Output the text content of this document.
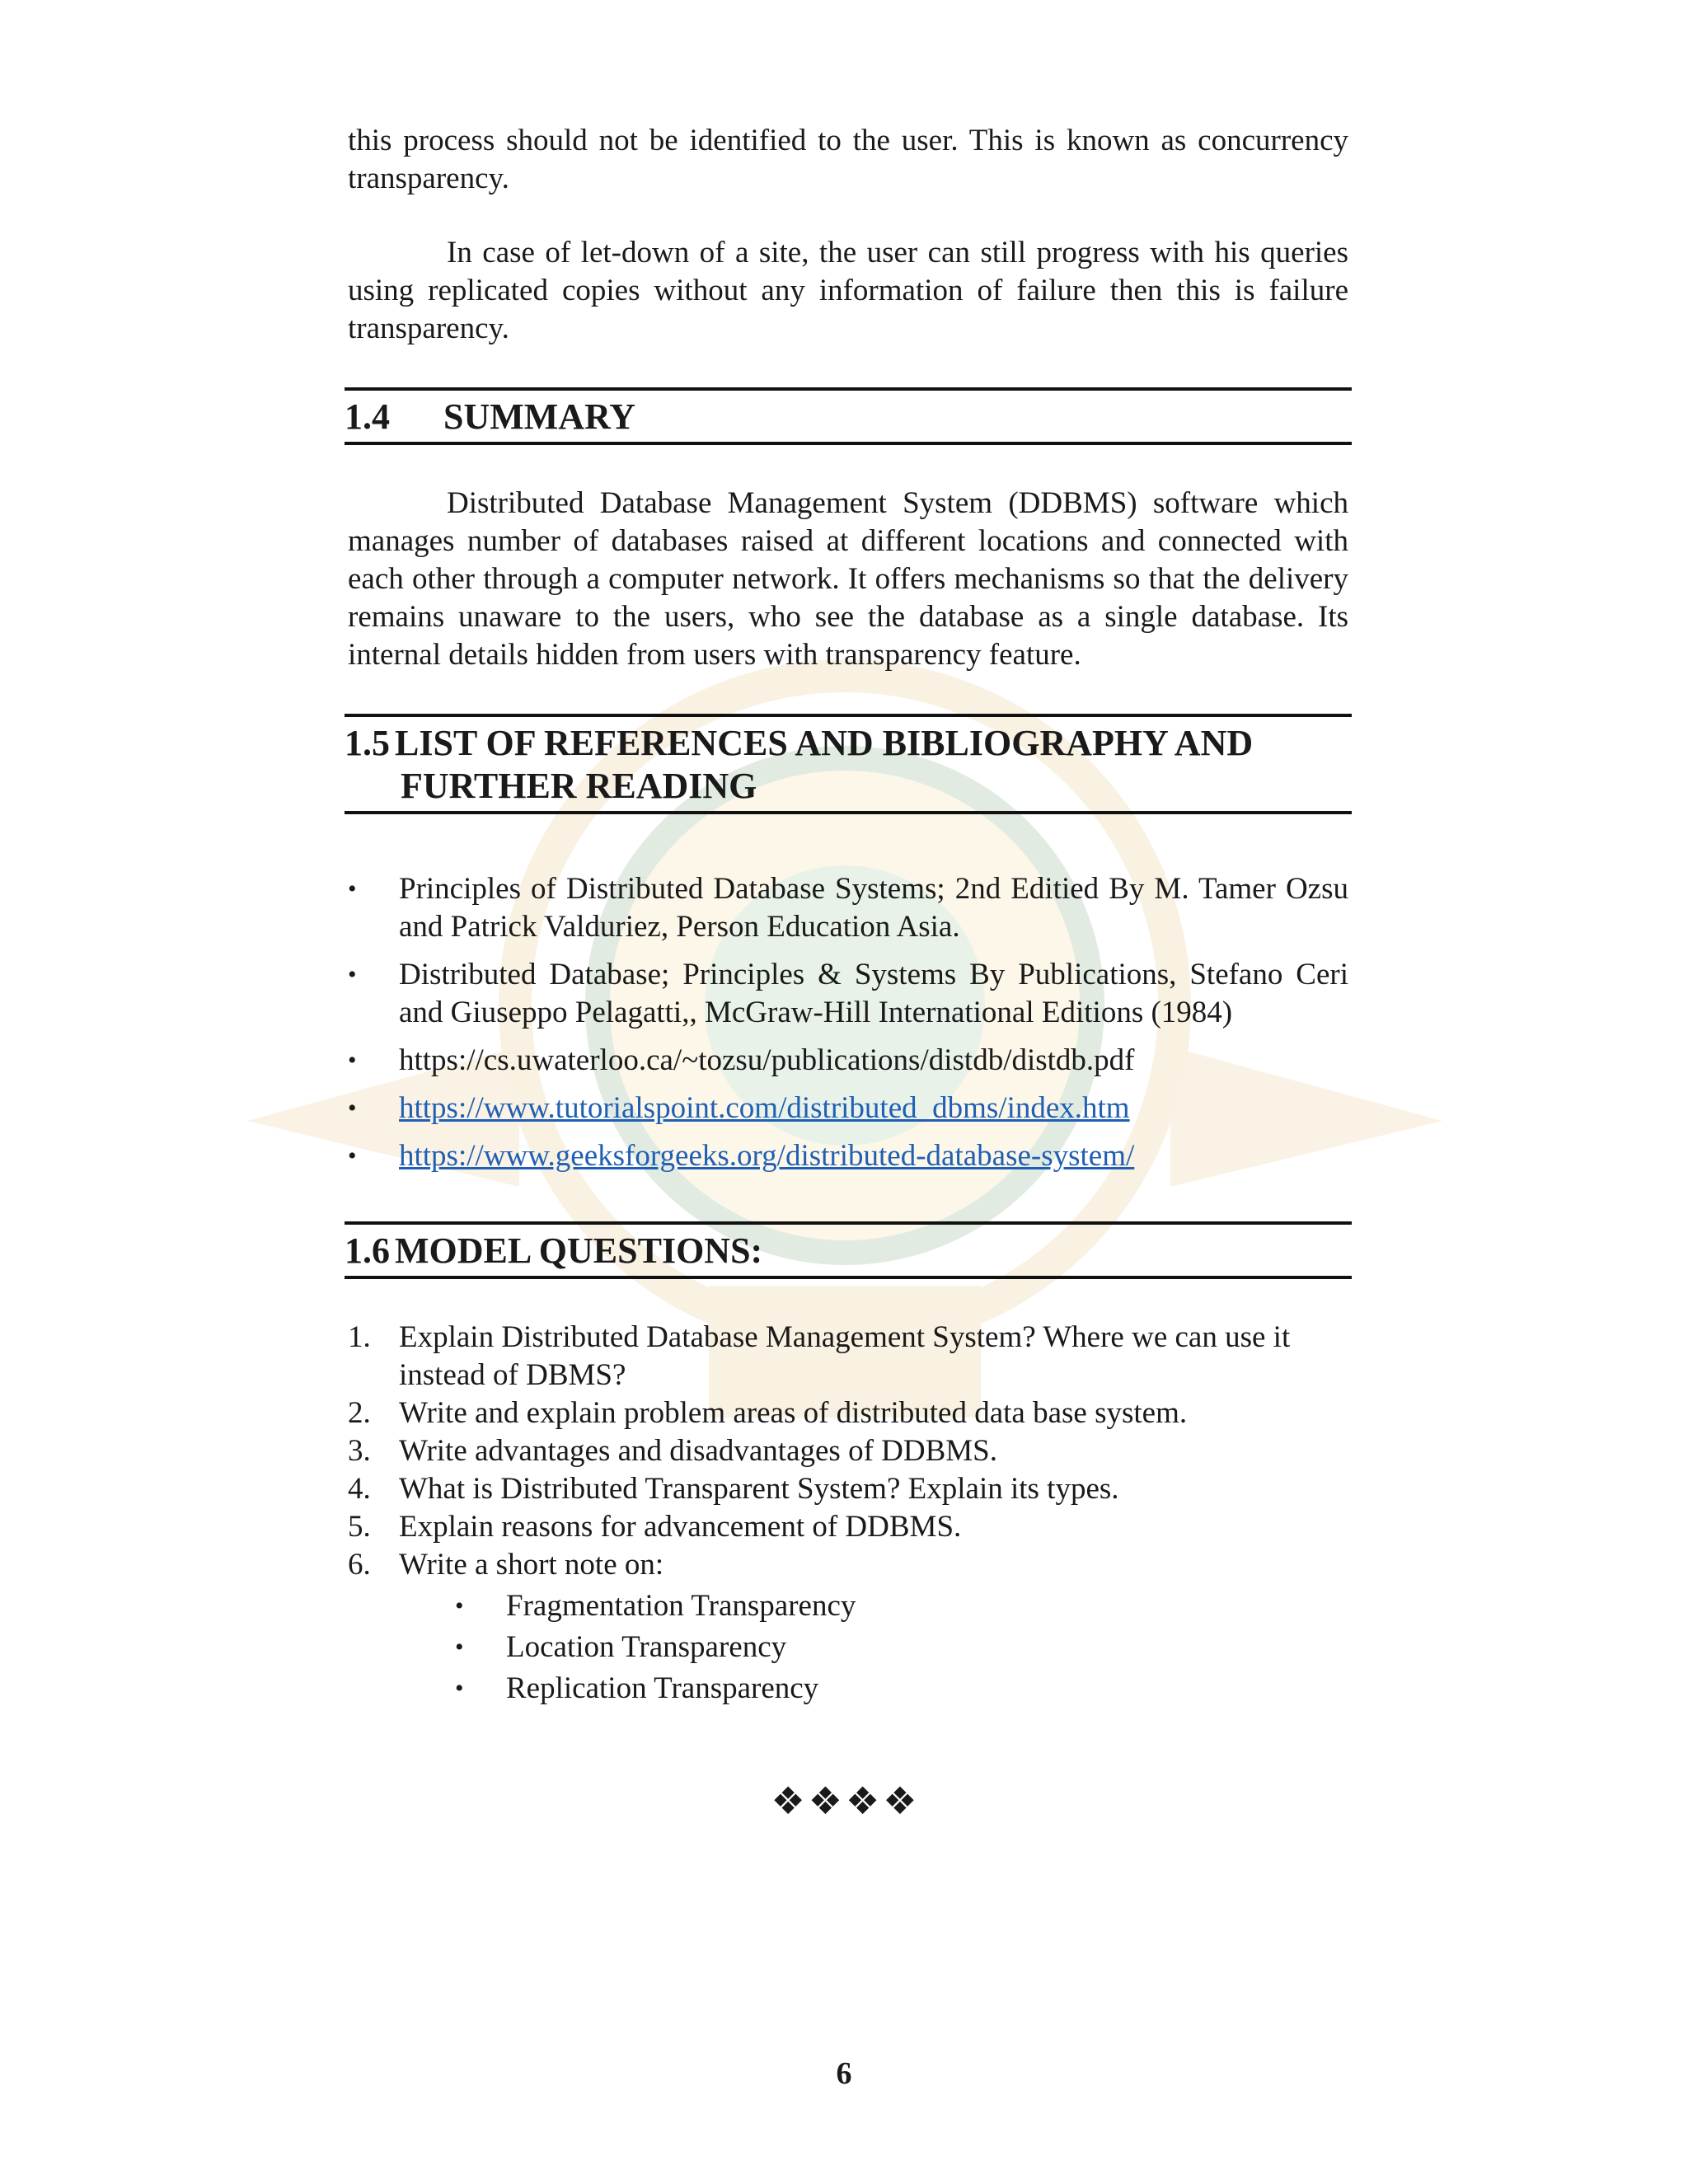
this process should not be identified to the user. This is known as concurrency transparency.

In case of let-down of a site, the user can still progress with his queries using replicated copies without any information of failure then this is failure transparency.

1.4 SUMMARY

Distributed Database Management System (DDBMS) software which manages number of databases raised at different locations and connected with each other through a computer network. It offers mechanisms so that the delivery remains unaware to the users, who see the database as a single database. Its internal details hidden from users with transparency feature.

1.5 LIST OF REFERENCES AND BIBLIOGRAPHY AND
FURTHER READING
• Principles of Distributed Database Systems; 2nd Editied By M. Tamer Ozsu and Patrick Valduriez, Person Education Asia.
• Distributed Database; Principles & Systems By Publications, Stefano Ceri and Giuseppo Pelagatti,, McGraw-Hill International Editions (1984)
• https://cs.uwaterloo.ca/~tozsu/publications/distdb/distdb.pdf
• https://www.tutorialspoint.com/distributed_dbms/index.htm
• https://www.geeksforgeeks.org/distributed-database-system/
1.6 MODEL QUESTIONS:
1. Explain Distributed Database Management System? Where we can use it instead of DBMS?
2. Write and explain problem areas of distributed data base system.
3. Write advantages and disadvantages of DDBMS.
4. What is Distributed Transparent System? Explain its types.
5. Explain reasons for advancement of DDBMS.
6. Write a short note on:
• Fragmentation Transparency
• Location Transparency
• Replication Transparency
❖❖❖❖
6
